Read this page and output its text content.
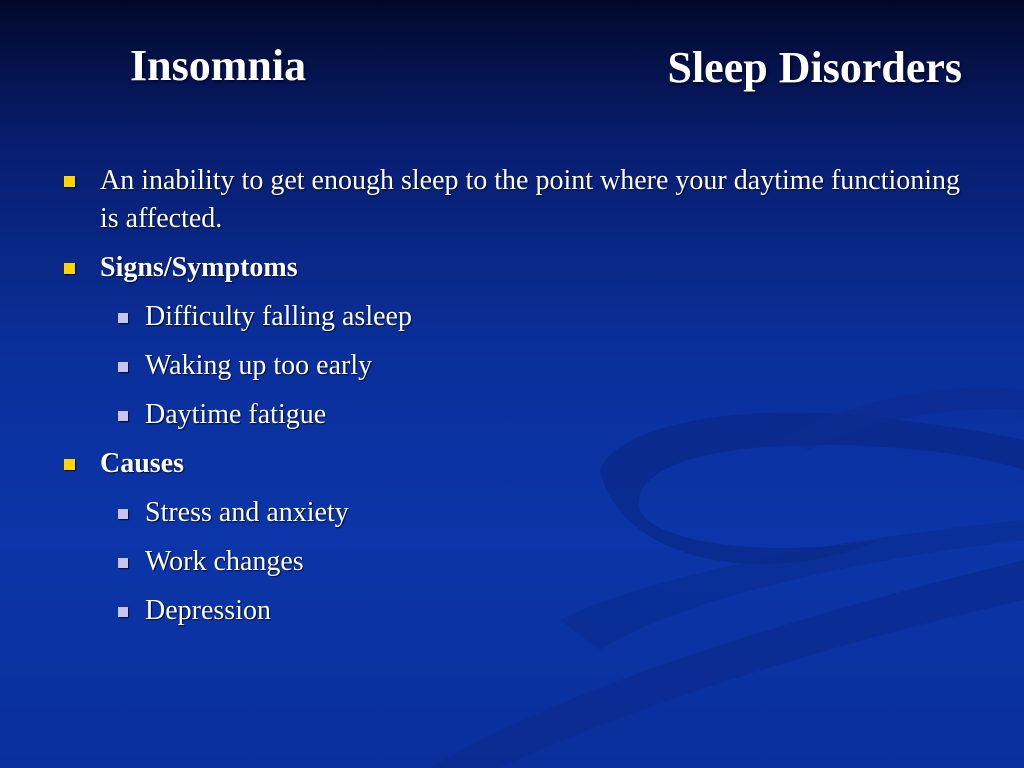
Insomnia	Sleep Disorders
An inability to get enough sleep to the point where your daytime functioning is affected.
Signs/Symptoms
Difficulty falling asleep
Waking up too early
Daytime fatigue
Causes
Stress and anxiety
Work changes
Depression
